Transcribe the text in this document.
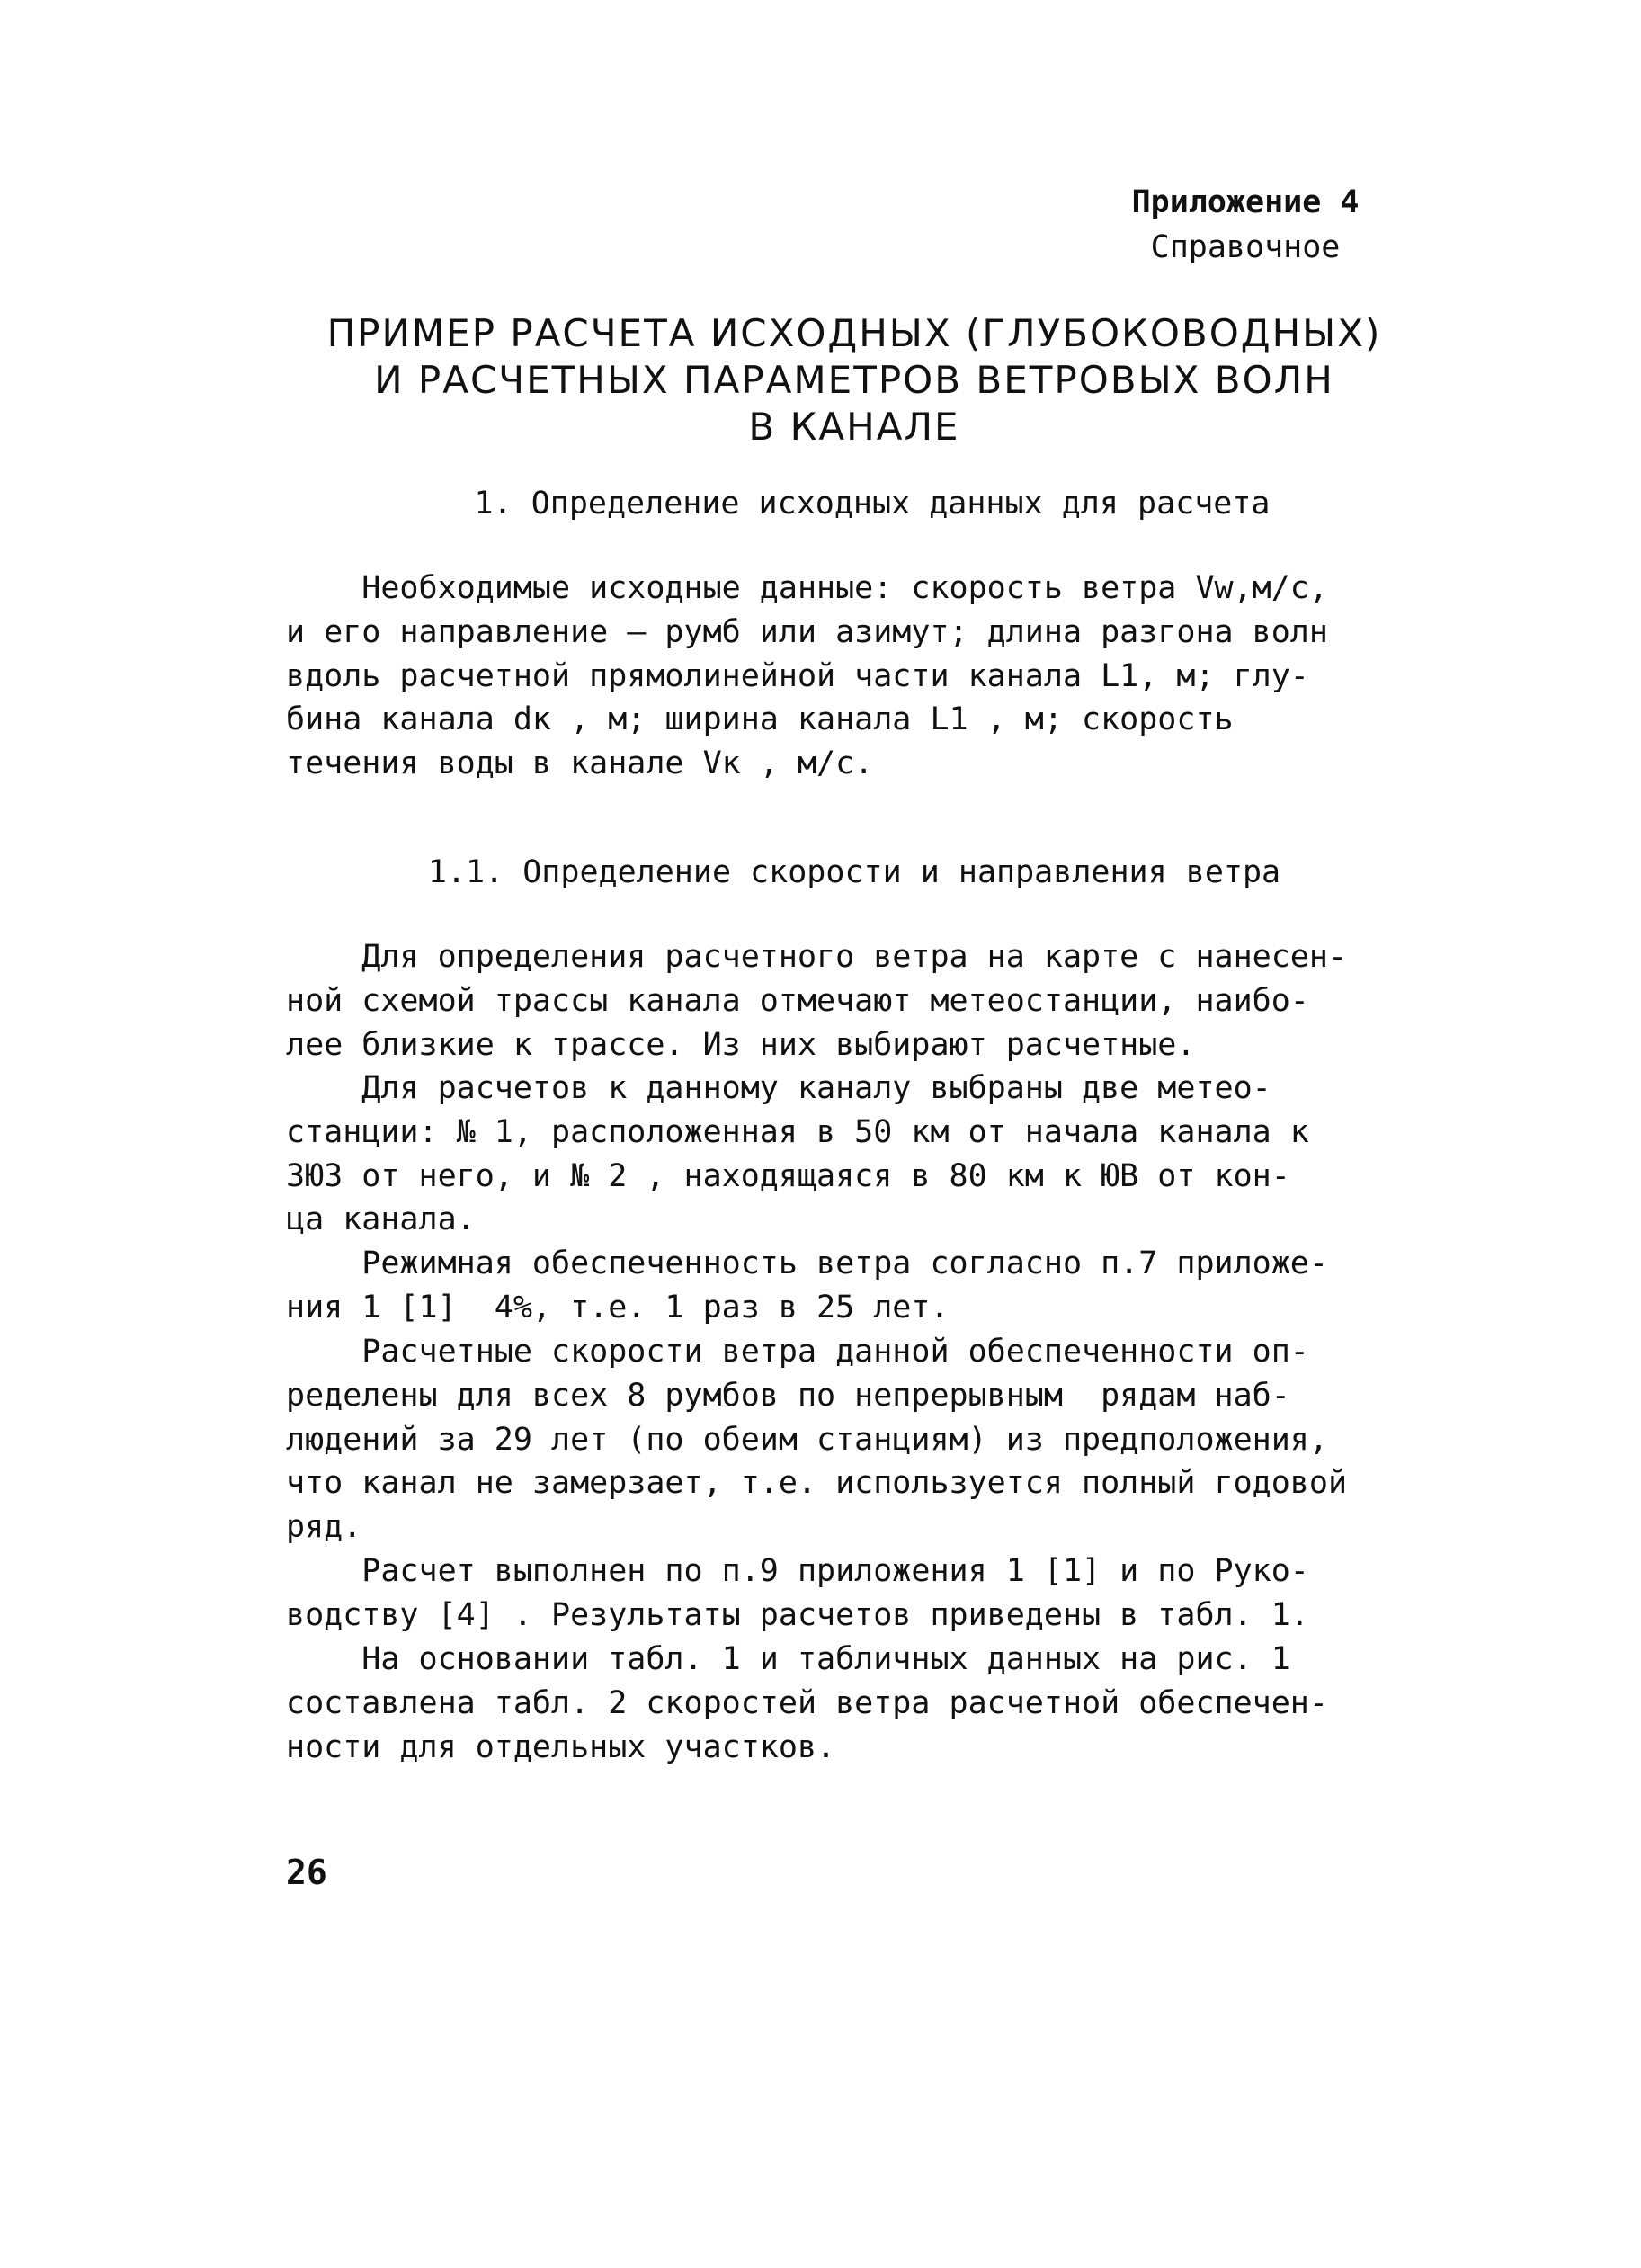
Приложение 4
Справочное
ПРИМЕР РАСЧЕТА ИСХОДНЫХ (ГЛУБОКОВОДНЫХ)
И РАСЧЕТНЫХ ПАРАМЕТРОВ ВЕТРОВЫХ ВОЛН
В КАНАЛЕ
1. Определение исходных данных для расчета
Необходимые исходные данные: скорость ветра Vw,м/с,
и его направление – румб или азимут; длина разгона волн
вдоль расчетной прямолинейной части канала L1, м; глу-
бина канала dк , м; ширина канала L1 , м; скорость
течения воды в канале Vк , м/с.
1.1. Определение скорости и направления ветра
Для определения расчетного ветра на карте с нанесен-
ной схемой трассы канала отмечают метеостанции, наибо-
лее близкие к трассе. Из них выбирают расчетные.
Для расчетов к данному каналу выбраны две метео-
станции: № 1, расположенная в 50 км от начала канала к
ЗЮЗ от него, и № 2 , находящаяся в 80 км к ЮВ от кон-
ца канала.
Режимная обеспеченность ветра согласно п.7 приложе-
ния 1 [1]  4%, т.е. 1 раз в 25 лет.
Расчетные скорости ветра данной обеспеченности оп-
ределены для всех 8 румбов по непрерывным  рядам наб-
людений за 29 лет (по обеим станциям) из предположения,
что канал не замерзает, т.е. используется полный годовой
ряд.
Расчет выполнен по п.9 приложения 1 [1] и по Руко-
водству [4] . Результаты расчетов приведены в табл. 1.
На основании табл. 1 и табличных данных на рис. 1
составлена табл. 2 скоростей ветра расчетной обеспечен-
ности для отдельных участков.
26
